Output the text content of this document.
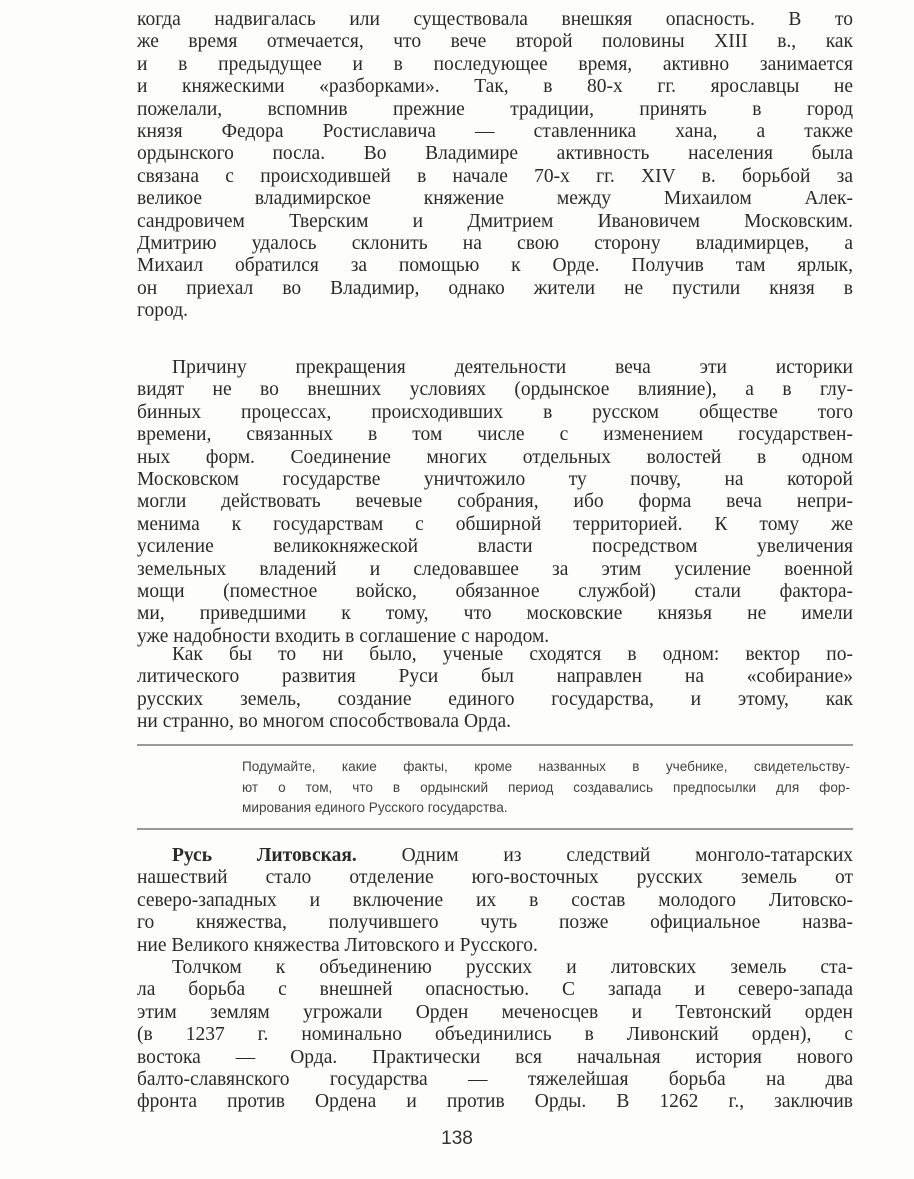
когда надвигалась или существовала внешкяя опасность. В то
же время отмечается, что вече второй половины XIII в., как
и в предыдущее и в последующее время, активно занимается
и княжескими «разборками». Так, в 80-х гг. ярославцы не
пожелали, вспомнив прежние традиции, принять в город
князя Федора Ростиславича — ставленника хана, а также
ордынского посла. Во Владимире активность населения была
связана с происходившей в начале 70-х гг. XIV в. борьбой за
великое владимирское княжение между Михаилом Алек-
сандровичем Тверским и Дмитрием Ивановичем Московским.
Дмитрию удалось склонить на свою сторону владимирцев, а
Михаил обратился за помощью к Орде. Получив там ярлык,
он приехал во Владимир, однако жители не пустили князя в
город.
Причину прекращения деятельности веча эти историки
видят не во внешних условиях (ордынское влияние), а в глу-
бинных процессах, происходивших в русском обществе того
времени, связанных в том числе с изменением государствен-
ных форм. Соединение многих отдельных волостей в одном
Московском государстве уничтожило ту почву, на которой
могли действовать вечевые собрания, ибо форма веча непри-
менима к государствам с обширной территорией. К тому же
усиление великокняжеской власти посредством увеличения
земельных владений и следовавшее за этим усиление военной
мощи (поместное войско, обязанное службой) стали фактора-
ми, приведшими к тому, что московские князья не имели
уже надобности входить в соглашение с народом.
Как бы то ни было, ученые сходятся в одном: вектор по-
литического развития Руси был направлен на «собирание»
русских земель, создание единого государства, и этому, как
ни странно, во многом способствовала Орда.
Подумайте, какие факты, кроме названных в учебнике, свидетельству-
ют о том, что в ордынский период создавались предпосылки для фор-
мирования единого Русского государства.
Русь Литовская. Одним из следствий монголо-татарских
нашествий стало отделение юго-восточных русских земель от
северо-западных и включение их в состав молодого Литовско-
го княжества, получившего чуть позже официальное назва-
ние Великого княжества Литовского и Русского.
Толчком к объединению русских и литовских земель ста-
ла борьба с внешней опасностью. С запада и северо-запада
этим землям угрожали Орден меченосцев и Тевтонский орден
(в 1237 г. номинально объединились в Ливонский орден), с
востока — Орда. Практически вся начальная история нового
балто-славянского государства — тяжелейшая борьба на два
фронта против Ордена и против Орды. В 1262 г., заключив
138
